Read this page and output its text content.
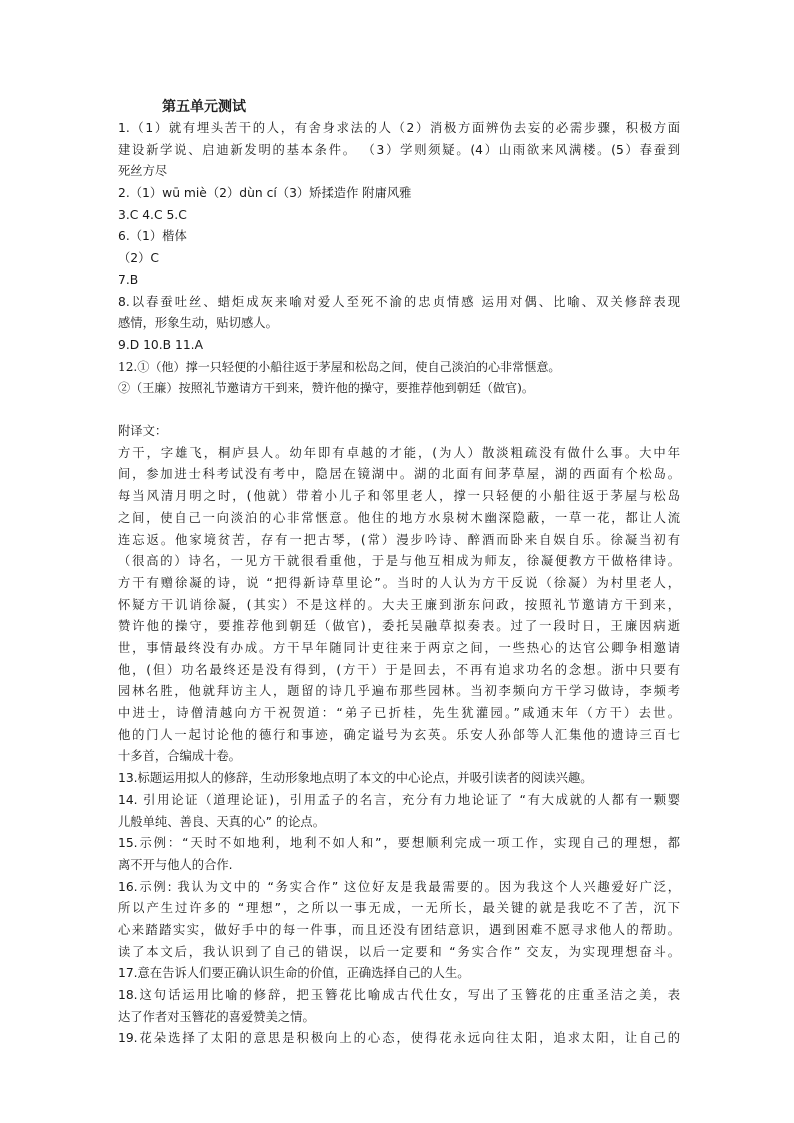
第五单元测试
1.（1）就有埋头苦干的人，有舍身求法的人（2）消极方面辨伪去妄的必需步骤，积极方面
建设新学说、启迪新发明的基本条件。 （3）学则须疑。(4）山雨欲来风满楼。(5）春蚕到
死丝方尽
2.（1）wū miè（2）dùn cí（3）矫揉造作 附庸风雅
3.C 4.C 5.C
6.（1）楷体
（2）C
7.B
8.以春蚕吐丝、蜡炬成灰来喻对爱人至死不渝的忠贞情感 运用对偶、比喻、双关修辞表现
感情，形象生动，贴切感人。
9.D 10.B 11.A
12.①（他）撑一只轻便的小船往返于茅屋和松岛之间，使自己淡泊的心非常惬意。
②（王廉）按照礼节邀请方干到来，赞许他的操守，要推荐他到朝廷（做官)。
附译文：
方干，字雄飞，桐庐县人。幼年即有卓越的才能，(为人）散淡粗疏没有做什么事。大中年
间，参加进士科考试没有考中，隐居在镜湖中。湖的北面有间茅草屋，湖的西面有个松岛。
每当风清月明之时，(他就）带着小儿子和邻里老人，撑一只轻便的小船往返于茅屋与松岛
之间，使自己一向淡泊的心非常惬意。他住的地方水泉树木幽深隐蔽，一草一花，都让人流
连忘返。他家境贫苦，存有一把古琴，(常）漫步吟诗、醉酒而卧来自娱自乐。徐凝当初有
（很高的）诗名，一见方干就很看重他，于是与他互相成为师友，徐凝便教方干做格律诗。
方干有赠徐凝的诗，说 “把得新诗草里论”。当时的人认为方干反说（徐凝）为村里老人，
怀疑方干讥诮徐凝，(其实）不是这样的。大夫王廉到浙东问政，按照礼节邀请方干到来，
赞许他的操守，要推荐他到朝廷（做官)，委托吴融草拟奏表。过了一段时日，王廉因病逝
世，事情最终没有办成。方干早年随同计吏往来于两京之间，一些热心的达官公卿争相邀请
他，(但）功名最终还是没有得到，(方干）于是回去，不再有追求功名的念想。浙中只要有
园林名胜，他就拜访主人，题留的诗几乎遍布那些园林。当初李频向方干学习做诗，李频考
中进士，诗僧清越向方干祝贺道：“弟子已折桂，先生犹灌园。”咸通末年（方干）去世。
他的门人一起讨论他的德行和事迹，确定谥号为玄英。乐安人孙郃等人汇集他的遗诗三百七
十多首，合编成十卷。
13.标题运用拟人的修辞，生动形象地点明了本文的中心论点，并吸引读者的阅读兴趣。
14. 引用论证（道理论证)，引用孟子的名言，充分有力地论证了 “有大成就的人都有一颗婴
儿般单纯、善良、天真的心” 的论点。
15.示例：“天时不如地利，地利不如人和”，要想顺利完成一项工作，实现自己的理想，都
离不开与他人的合作.
16.示例: 我认为文中的 “务实合作” 这位好友是我最需要的。因为我这个人兴趣爱好广泛，
所以产生过许多的 “理想”，之所以一事无成，一无所长，最关键的就是我吃不了苦，沉下
心来踏踏实实，做好手中的每一件事，而且还没有团结意识，遇到困难不愿寻求他人的帮助。
读了本文后，我认识到了自己的错误，以后一定要和 “务实合作” 交友，为实现理想奋斗。
17.意在告诉人们要正确认识生命的价值，正确选择自己的人生。
18.这句话运用比喻的修辞，把玉簪花比喻成古代仕女，写出了玉簪花的庄重圣洁之美，表
达了作者对玉簪花的喜爱赞美之情。
19.花朵选择了太阳的意思是积极向上的心态，使得花永远向往太阳，追求太阳，让自己的
